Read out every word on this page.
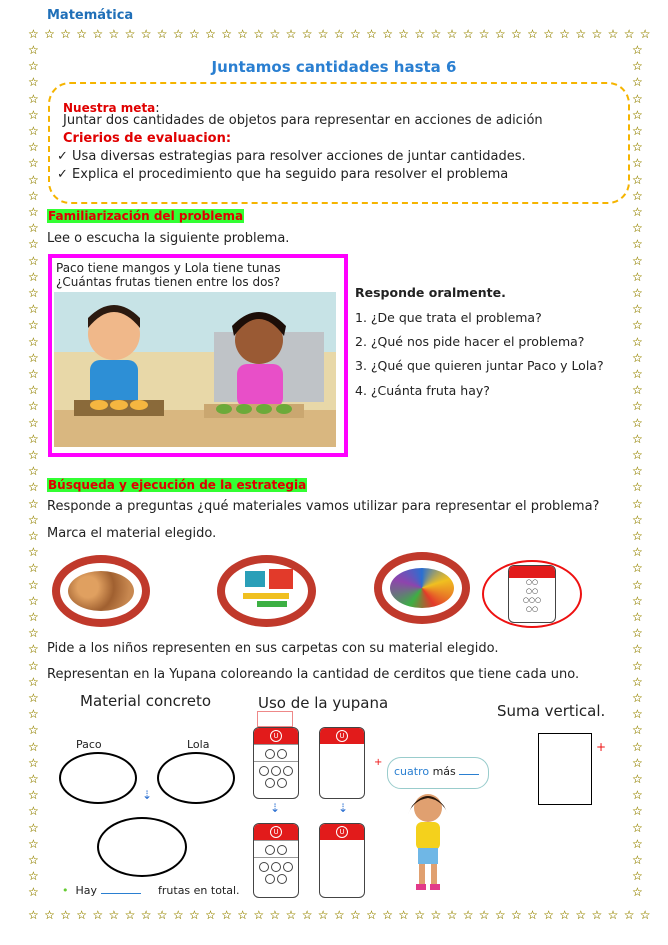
☆
☆
☆
☆
☆
☆
☆
☆
☆
☆
☆
☆
☆
☆
☆
☆
☆
☆
☆
☆
☆
☆
☆
☆
☆
☆
☆
☆
☆
☆
☆
☆
☆
☆
☆
☆
☆
☆
☆
☆
☆
☆
☆
☆
☆
☆
☆
☆
☆
☆
☆
☆
☆
☆
☆
☆
☆
☆
☆
☆
☆
☆
☆
☆
☆
☆
☆
☆
☆
☆
☆
☆
☆
☆
☆
☆
☆
☆
☆	☆
☆	☆
☆	☆
☆	☆
☆	☆
☆	☆
☆	☆
☆	☆
☆	☆
☆	☆
☆	☆
☆	☆
☆	☆
☆	☆
☆	☆
☆	☆
☆	☆
☆	☆
☆	☆
☆	☆
☆	☆
☆	☆
☆	☆
☆	☆
☆	☆
☆	☆
☆	☆
☆	☆
☆	☆
☆	☆
☆	☆
☆	☆
☆	☆
☆	☆
☆	☆
☆	☆
☆	☆
☆	☆
☆	☆
☆	☆
☆	☆
☆	☆
☆	☆
☆	☆
☆	☆
☆	☆
☆	☆
☆	☆
☆	☆
☆	☆
☆	☆
☆	☆
☆	☆
Matemática
Juntamos cantidades hasta 6
Nuestra meta:
Juntar dos cantidades de objetos para representar en acciones de adición
Crierios de evaluacion:
✓ Usa diversas estrategias para resolver acciones de juntar cantidades.
✓ Explica el procedimiento que ha seguido para resolver el problema
Familiarización del problema
Lee o escucha la siguiente problema.
Paco tiene mangos y Lola tiene tunas
¿Cuántas frutas tienen entre los dos?
Responde oralmente.
1. ¿De que trata el problema?
2. ¿Qué nos pide hacer el problema?
3. ¿Qué que quieren juntar Paco y Lola?
4. ¿Cuánta fruta hay?
Búsqueda y ejecución de la estrategia
Responde a preguntas ¿qué materiales vamos utilizar para representar el problema?
Marca el material elegido.
○○
○○
○○○
○○
Pide a los niños representen en sus carpetas con su material elegido.
Representan en la Yupana coloreando la cantidad de cerditos que tiene cada uno.
Material concreto	Uso de la yupana	Suma vertical.
Paco	Lola
⇣
U	U
+
⇣	⇣
U	U
cuatro más
+
• Hay	frutas en total.
